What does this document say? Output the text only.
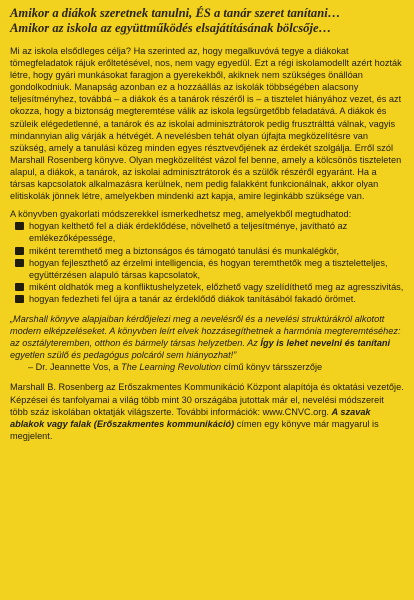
Amikor a diákok szeretnek tanulni, ÉS a tanár szeret tanítani…
Amikor az iskola az együttműködés elsajátításának bölcsője…

Mi az iskola elsődleges célja? Ha szerinted az, hogy megalkuvóvá tegye a diákokat tömegfeladatok rájuk erőltetésével, nos, nem vagy egyedül. Ezt a régi iskolamodellt azért hozták létre, hogy gyári munkásokat faragjon a gyerekekből, akiknek nem szükséges önállóan gondolkodniuk. Manapság azonban ez a hozzáállás az iskolák többségében alacsony teljesítményhez, továbbá – a diákok és a tanárok részéről is – a tisztelet hiányához vezet, és azt okozza, hogy a biztonság megteremtése válik az iskola legsürgetőbb feladatává. A diákok és szüleik elégedetlenné, a tanárok és az iskolai adminisztrátorok pedig frusztrálttá válnak, vagyis mindannyian alig várják a hétvégét. A nevelésben tehát olyan újfajta megközelítésre van szükség, amely a tanulási közeg minden egyes résztvevőjének az érdekét szolgálja. Erről szól Marshall Rosenberg könyve. Olyan megközelítést vázol fel benne, amely a kölcsönös tiszteleten alapul, a diákok, a tanárok, az iskolai adminisztrátorok és a szülők részéről egyaránt. Ha a társas kapcsolatok alkalmazásra kerülnek, nem pedig falakként funkcionálnak, akkor olyan elitiskolák jönnek létre, amelyekben mindenki azt kapja, amire leginkább szüksége van.

A könyvben gyakorlati módszerekkel ismerkedhetsz meg, amelyekből megtudhatod:

hogyan kelthető fel a diák érdeklődése, növelhető a teljesítménye, javítható az emlékezőképessége,
miként teremthető meg a biztonságos és támogató tanulási és munkalégkör,
hogyan fejleszthető az érzelmi intelligencia, és hogyan teremthetők meg a tiszteletteljes, együttérzésen alapuló társas kapcsolatok,
miként oldhatók meg a konfliktushelyzetek, előzhető vagy szelídíthető meg az agresszivitás,
hogyan fedezheti fel újra a tanár az érdeklődő diákok tanításából fakadó örömet.

„Marshall könyve alapjaiban kérdőjelezi meg a nevelésről és a nevelési struktúrákról alkotott modern elképzeléseket. A könyvben leírt elvek hozzásegíthetnek a harmónia megteremtéséhez: az osztályteremben, otthon és bármely társas helyzetben. Az Így is lehet nevelni és tanítani egyetlen szülő és pedagógus polcáról sem hiányozhat!”

– Dr. Jeannette Vos, a The Learning Revolution című könyv társszerzője

Marshall B. Rosenberg az Erőszakmentes Kommunikáció Központ alapítója és oktatási vezetője. Képzései és tanfolyamai a világ több mint 30 országába jutottak már el, nevelési módszereit több száz iskolában oktatják világszerte. További információk: www.CNVC.org. A szavak ablakok vagy falak (Erőszakmentes kommunikáció) címen egy könyve már magyarul is megjelent.
